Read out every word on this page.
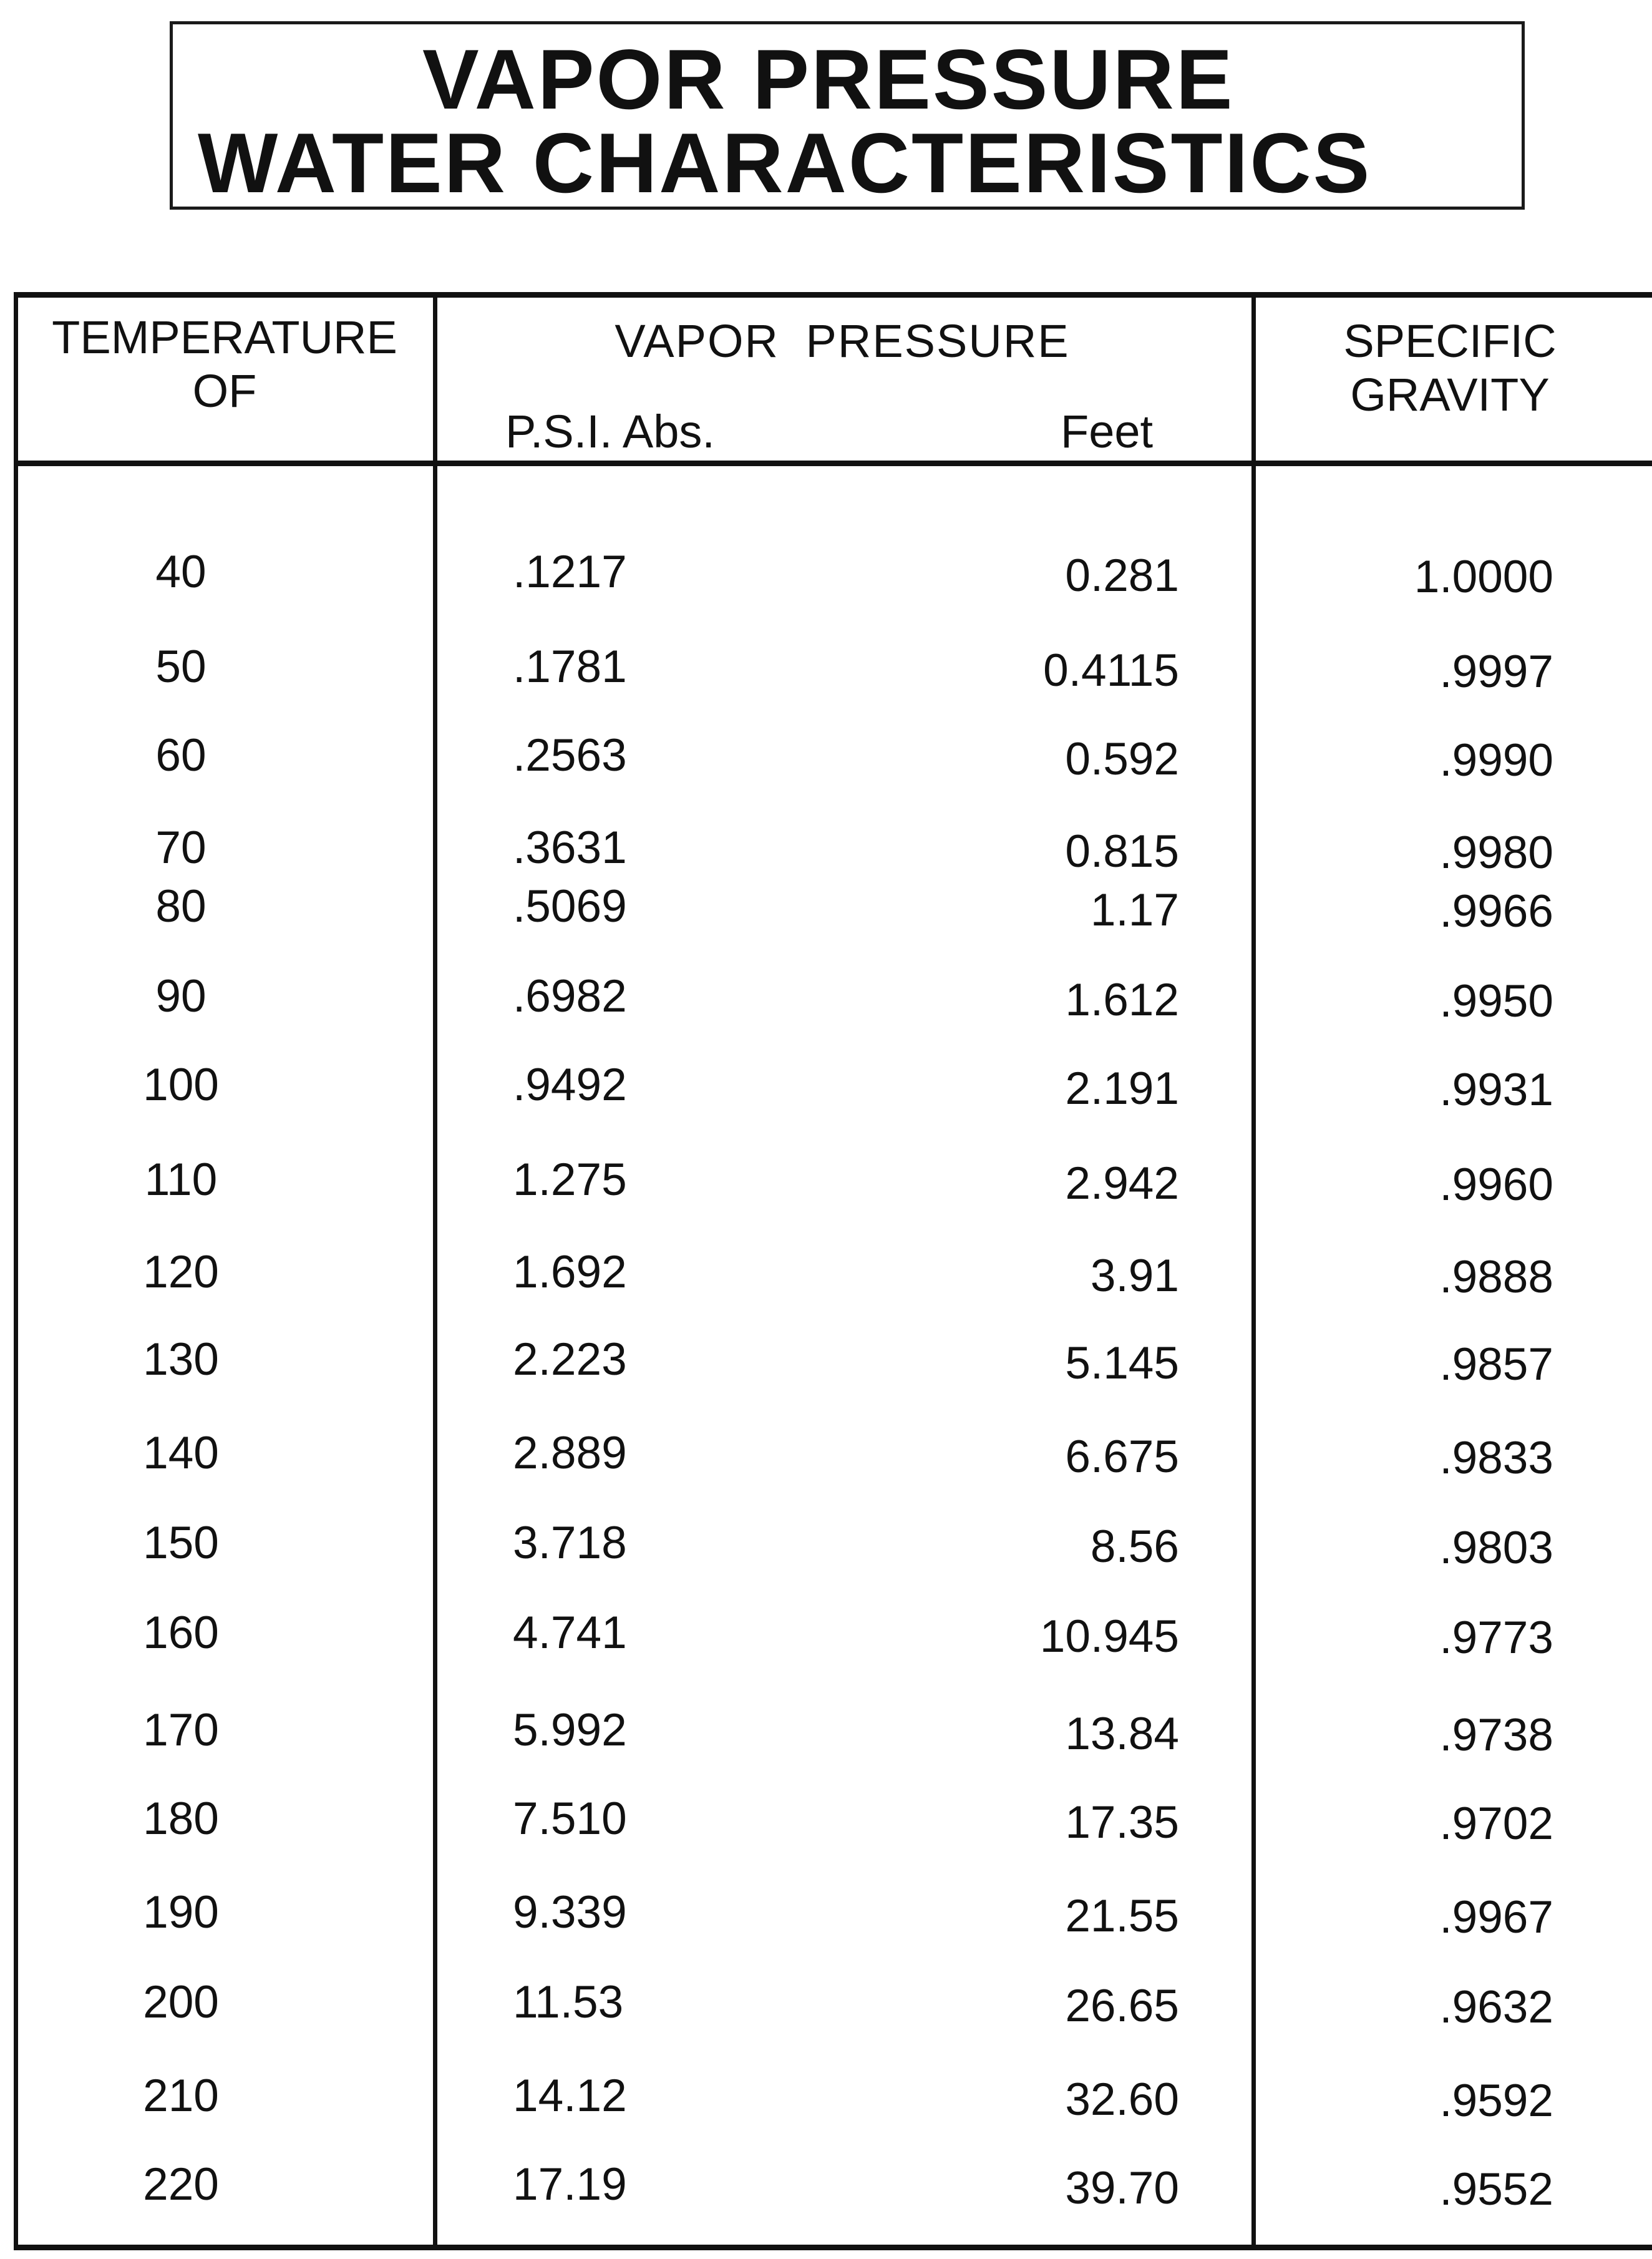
VAPOR PRESSURE
WATER CHARACTERISTICS
TEMPERATURE
OF
VAPOR PRESSURE
P.S.I. Abs.	Feet
SPECIFIC
GRAVITY
40	.1217	0.281	1.0000
50	.1781	0.4115	.9997
60	.2563	0.592	.9990
70	.3631	0.815	.9980
80	.5069	1.17	.9966
90	.6982	1.612	.9950
100	.9492	2.191	.9931
110	1.275	2.942	.9960
120	1.692	3.91	.9888
130	2.223	5.145	.9857
140	2.889	6.675	.9833
150	3.718	8.56	.9803
160	4.741	10.945	.9773
170	5.992	13.84	.9738
180	7.510	17.35	.9702
190	9.339	21.55	.9967
200	11.53	26.65	.9632
210	14.12	32.60	.9592
220	17.19	39.70	.9552
